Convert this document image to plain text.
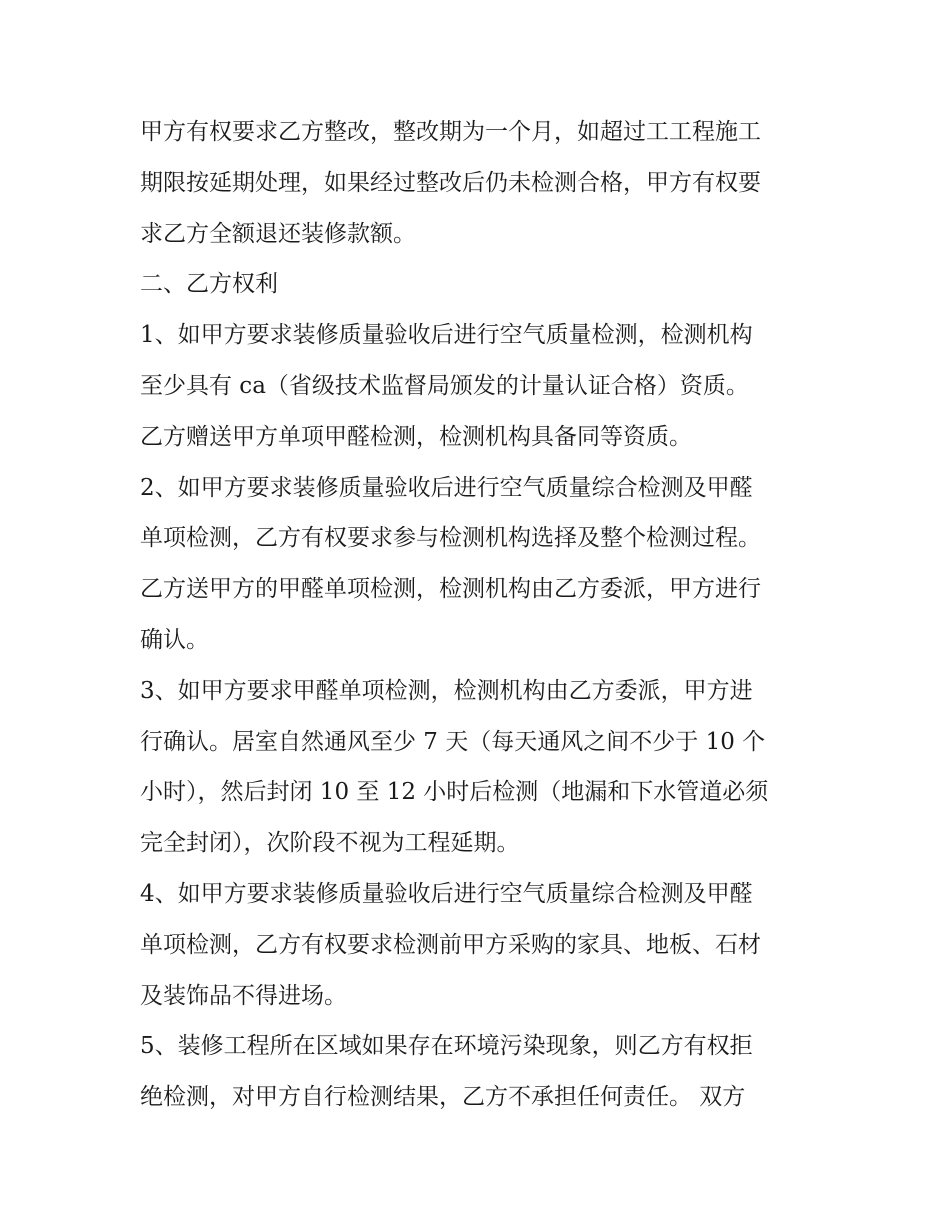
甲方有权要求乙方整改，整改期为一个月，如超过工工程施工
期限按延期处理，如果经过整改后仍未检测合格，甲方有权要
求乙方全额退还装修款额。
二、乙方权利
1、如甲方要求装修质量验收后进行空气质量检测，检测机构
至少具有 ca（省级技术监督局颁发的计量认证合格）资质。
乙方赠送甲方单项甲醛检测，检测机构具备同等资质。
2、如甲方要求装修质量验收后进行空气质量综合检测及甲醛
单项检测，乙方有权要求参与检测机构选择及整个检测过程。
乙方送甲方的甲醛单项检测，检测机构由乙方委派，甲方进行
确认。
3、如甲方要求甲醛单项检测，检测机构由乙方委派，甲方进
行确认。居室自然通风至少 7 天（每天通风之间不少于 10 个
小时），然后封闭 10 至 12 小时后检测（地漏和下水管道必须
完全封闭），次阶段不视为工程延期。
4、如甲方要求装修质量验收后进行空气质量综合检测及甲醛
单项检测，乙方有权要求检测前甲方采购的家具、地板、石材
及装饰品不得进场。
5、装修工程所在区域如果存在环境污染现象，则乙方有权拒
绝检测，对甲方自行检测结果，乙方不承担任何责任。 双方
